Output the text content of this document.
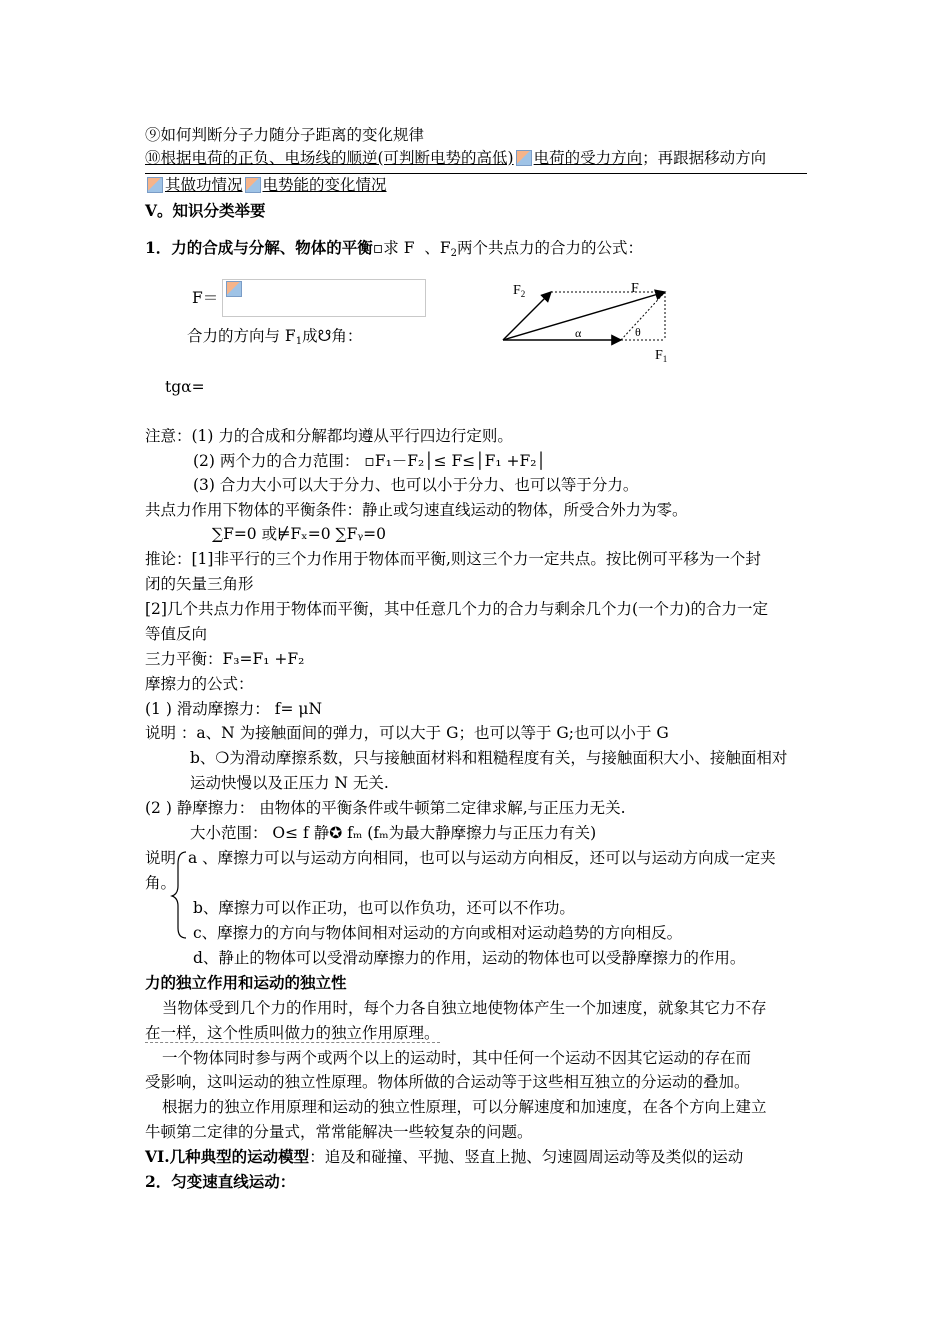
⑨如何判断分子力随分子距离的变化规律
⑩根据电荷的正负、电场线的顺逆(可判断电势的高低) 电荷的受力方向；再跟据移动方向
其做功情况 电势能的变化情况
V。知识分类举要
1．力的合成与分解、物体的平衡▫求 F 、$F_2$两个共点力的合力的公式：
F＝
合力的方向与 $F_1$成☋角：
tgα=
$F_2$	F
α	θ
$F_1$
注意：(1) 力的合成和分解都均遵从平行四边行定则。
(2) 两个力的合力范围： ▫F₁－F₂│≤ F≤│F₁ +F₂│
(3) 合力大小可以大于分力、也可以小于分力、也可以等于分力。
共点力作用下物体的平衡条件：静止或匀速直线运动的物体，所受合外力为零。
∑F=0 或⊭Fₓ=0 ∑Fᵧ=0
推论：[1]非平行的三个力作用于物体而平衡,则这三个力一定共点。按比例可平移为一个封
闭的矢量三角形
[2]几个共点力作用于物体而平衡，其中任意几个力的合力与剩余几个力(一个力)的合力一定
等值反向
三力平衡：F₃=F₁ +F₂
摩擦力的公式：
(1 ) 滑动摩擦力： f= μN
说明 ：a、N 为接触面间的弹力，可以大于 G；也可以等于 G;也可以小于 G
b、❍为滑动摩擦系数，只与接触面材料和粗糙程度有关，与接触面积大小、接触面相对
运动快慢以及正压力 N 无关.
(2 ) 静摩擦力： 由物体的平衡条件或牛顿第二定律求解,与正压力无关.
大小范围： O≤ f 静✪ fₘ (fₘ为最大静摩擦力与正压力有关)
说明 a 、摩擦力可以与运动方向相同，也可以与运动方向相反，还可以与运动方向成一定夹
角。
b、摩擦力可以作正功，也可以作负功，还可以不作功。
c、摩擦力的方向与物体间相对运动的方向或相对运动趋势的方向相反。
d、静止的物体可以受滑动摩擦力的作用，运动的物体也可以受静摩擦力的作用。
力的独立作用和运动的独立性
当物体受到几个力的作用时，每个力各自独立地使物体产生一个加速度，就象其它力不存
在一样，这个性质叫做力的独立作用原理。
一个物体同时参与两个或两个以上的运动时，其中任何一个运动不因其它运动的存在而
受影响，这叫运动的独立性原理。物体所做的合运动等于这些相互独立的分运动的叠加。
根据力的独立作用原理和运动的独立性原理，可以分解速度和加速度，在各个方向上建立
牛顿第二定律的分量式，常常能解决一些较复杂的问题。
VI.几种典型的运动模型：追及和碰撞、平抛、竖直上抛、匀速圆周运动等及类似的运动
2．匀变速直线运动：
